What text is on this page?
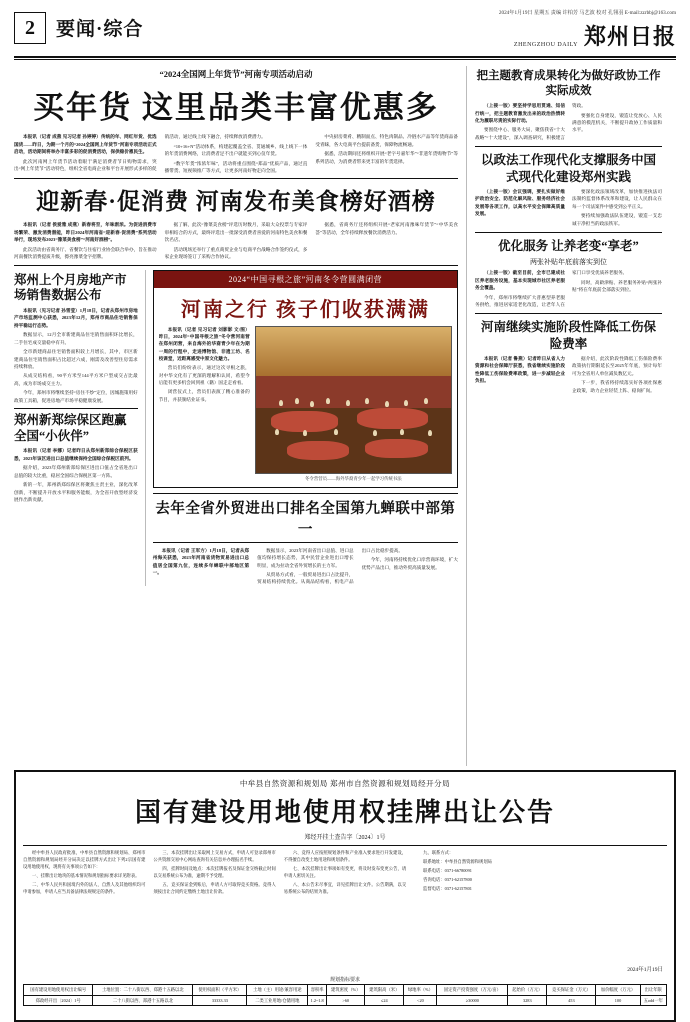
2	要闻·综合
2024年1月19日 星期五 责编 许柏芳 马艺波 校对 孔翎羽 E-mail:zzrbbj@163.com
ZHENGZHOU DAILY 郑州日报
“2024全国网上年货节”河南专项活动启动
买年货 这里品类丰富优惠多

本报讯（记者 成燕 见习记者 孙婷婷）传统的年、网红年货、优选国货——昨日，为期一个月的“2024全国网上年货节”河南专项活动正式启动，活动期间将举办丰富多彩的促消费活动，保供稳价惠民生。

此次河南网上年货节活动着眼于满足消费者节日购物需求，突出“网上年货节”活动特色，组织全省电商企业和平台开展形式多样的促销活动，通过线上线下融合，持续释放消费潜力。

“10+16+N”活动体系，构建起覆盖全省、贯通城乡、线上线下一体的年货消费网络，让消费者足不出户就能买到心仪年货。

“数字年货”浓浓年味”，活动将重点围绕“郑品”优质产品，通过直播带货、短视频推广等方式，让更多河南好物走向全国。

中央厨房菜肴、精制面点、特色肉制品、冷链水产品等年货商品备受青睐，各大电商平台提前备货，保障物流畅通。

据悉，活动期间还将组织开展“老字号嘉年华”“非遗年货购物节”等系列活动，为消费者带来更丰富的年货选择。

迎新春·促消费 河南发布美食榜好酒榜

本报讯（记者 侯爱雅 成燕）新春将至，年味渐浓。为促进消费市场繁荣、激发消费潜能，昨日2024年河南省“迎新春·促消费”系列活动举行，现场发布2023“豫菜美食榜”“河南好酒榜”。

此次活动由省商务厅、省餐饮与住宿行业协会联合举办，旨在推动河南餐饮消费提质升级，擦亮豫菜金字招牌。

据了解，此次“豫菜美食榜”评选历时数月，采取大众投票与专家评审相结合的方式，最终评选出一批深受消费者喜爱的河南特色美食和餐饮名店。

活动现场还举行了重点商贸企业与电商平台战略合作签约仪式，多家企业现场签订了采购合作协议。

据悉，省商务厅还将组织开展“老家河南豫味年货节”“中华美食荟”等活动，全年持续释放餐饮消费活力。

郑州上个月房地产市场销售数据公布

本报讯（见习记者 孙雪莹）1月18日，记者从郑州市房地产市场监测中心获悉，2023年12月，郑州市商品住宅销售保持平稳运行态势。

数据显示，12月全市新建商品住宅销售面积环比增长，二手住宅成交量稳中有升。

全市新建商品住宅销售面积较上月增长，其中，市区新建商品住宅销售面积占比超过六成，刚需及改善型住房需求持续释放。

从成交结构看，90平方米至144平方米户型成交占比最高，成为市场成交主力。

今年，郑州市将继续坚持“房住不炒”定位，因城施策用好政策工具箱，促进房地产市场平稳健康发展。

郑州新郑综保区跑赢全国“小伙伴”

本报讯（记者 李娜）记者昨日从郑州新郑综合保税区获悉，2023年该区进出口总值继续保持全国综合保税区前列。

据介绍，2023年郑州新郑综保区进出口值占全省进出口总值的较大比重，稳居全国综合保税区第一方阵。

新的一年，郑州新郑综保区将聚焦主责主业，深化改革创新，不断提升开放水平和服务能级，为全省开放型经济发展作出新贡献。

2024“中国寻根之旅”河南冬令营圆满闭营
河南之行 孩子们收获满满

本报讯（记者 见习记者 刘影影 文/图）昨日，2024年“中国寻根之旅”冬令营河南营在郑州闭营，来自海外的华裔青少年在为期一周的行程中，走进博物馆、非遗工坊、名校课堂，近距离感受中原文化魅力。

营员们纷纷表示，通过这次寻根之旅，对中华文化有了更深的理解和认同，希望今后能有更多机会回到祖（籍）国走走看看。

闭营仪式上，营员们表演了精心准备的节目，并获颁结业证书。

冬令营营员——海外华裔青少年一起学习传统书法
去年全省外贸进出口排名全国第九蝉联中部第一

本报讯（记者 王军方）1月18日，记者从郑州海关获悉，2023年河南省货物贸易进出口总值居全国第九位，连续多年蝉联中部地区第一。

数据显示，2023年河南省出口总值、进口总值均保持增长态势，其中民营企业进出口增长明显，成为拉动全省外贸增长的主力军。

从贸易方式看，一般贸易进出口占比提升，贸易结构持续优化。从商品结构看，机电产品出口占比稳步提高。

今年，河南将持续优化口岸营商环境，扩大优势产品出口，推动外贸高质量发展。

把主题教育成果转化为做好政协工作实际成效

（上接一版）要坚持学思用贯通、知信行统一，把主题教育激发出来的政治热情转化为履职尽责的实际行动。

要围绕中心、服务大局，聚焦我省“十大战略”“十大建设”，深入调查研究，积极建言资政。

要强化自身建设，锻造让党放心、人民满意的模范机关，不断提升政协工作质量和水平。

以政法工作现代化支撑服务中国式现代化建设郑州实践

（上接一版）会议强调，要扎实做好维护政治安全、防范化解风险、服务经济社会发展等各项工作，以高水平安全保障高质量发展。

要深化政法领域改革，加快推进执法司法制约监督体系改革和建设，让人民群众在每一个司法案件中感受到公平正义。

要持续加强政法队伍建设，锻造一支忠诚干净担当的政法铁军。

优化服务 让养老变“享老”
两张补贴年底前落实到位

（上接一版）截至目前，全市已建成社区养老服务设施，基本实现城市社区养老服务全覆盖。

今年，郑州市将继续扩大普惠型养老服务供给，推进居家适老化改造，让老年人在家门口享受优质养老服务。

同时，高龄津贴、养老服务补贴“两张补贴”将在年底前全部落实到位。

河南继续实施阶段性降低工伤保险费率

本报讯（记者 鲁燕）记者昨日从省人力资源和社会保障厅获悉，我省继续实施阶段性降低工伤保险费率政策，进一步减轻企业负担。

据介绍，此次阶段性降低工伤保险费率政策执行期限延长至2025年年底，预计每年可为全省用人单位减负数亿元。

下一步，我省将持续落实好各项社保惠企政策，助力企业轻装上阵、稳岗扩岗。

中牟县自然资源和规划局 郑州市自然资源和规划局经开分局
国有建设用地使用权挂牌出让公告
郑经开挂土查告字〔2024〕1号

经中牟县人民政府批准，中牟县自然资源和规划局、郑州市自然资源和规划局经开分局决定以挂牌方式出让下列2宗国有建设用地使用权，现将有关事项公告如下：

一、挂牌出让地块的基本情况和规划指标要求详见附表。

二、中华人民共和国境内外的法人、自然人及其他组织均可申请参加，申请人应当具备法律法规规定的条件。

三、本次挂牌出让采取网上交易方式，申请人可登录郑州市公共资源交易中心网站查询有关信息并办理报名手续。

四、挂牌时间及地点：本次挂牌报名及保证金交纳截止时间以交易系统公布为准，逾期不予受理。

五、竞买保证金到账后，申请人方可取得竞买资格。竞得人须按出让合同约定缴纳土地出让价款。

六、竞得人应按照规划条件和产业准入要求进行开发建设，不得擅自改变土地用途和规划条件。

七、本次挂牌出让事项如有变更，将及时发布变更公告，请申请人密切关注。

八、本公告未尽事宜，详见挂牌出让文件。公告期满，以交易系统公布的结果为准。

九、联系方式：

联系地址：中牟县自然资源和规划局

联系电话：0371-66780091

咨询电话：0371-62157800

监督电话：0371-62157801

2024年1月19日
规划指标要求
国有建设用地使用权出让编号	土地位置：二十八街以西、郑港十五路以北	使用权面积（平方米）	土地（主）用途/兼容用途	容积率	建筑密度（%）	建筑限高（米）	绿地率（%）	固定资产投资强度（万元/亩）	起始价（万元）	竞买保证金（万元）	加价幅度（万元）	出让年限
郑政经开出〔2024〕1号	二十八街以西、郑港十五路以北	33333.33	二类工业用地/仓储用地	1.2~1.8	>60	≤24	<20	≥30000	3283	453	100	五odd一年
